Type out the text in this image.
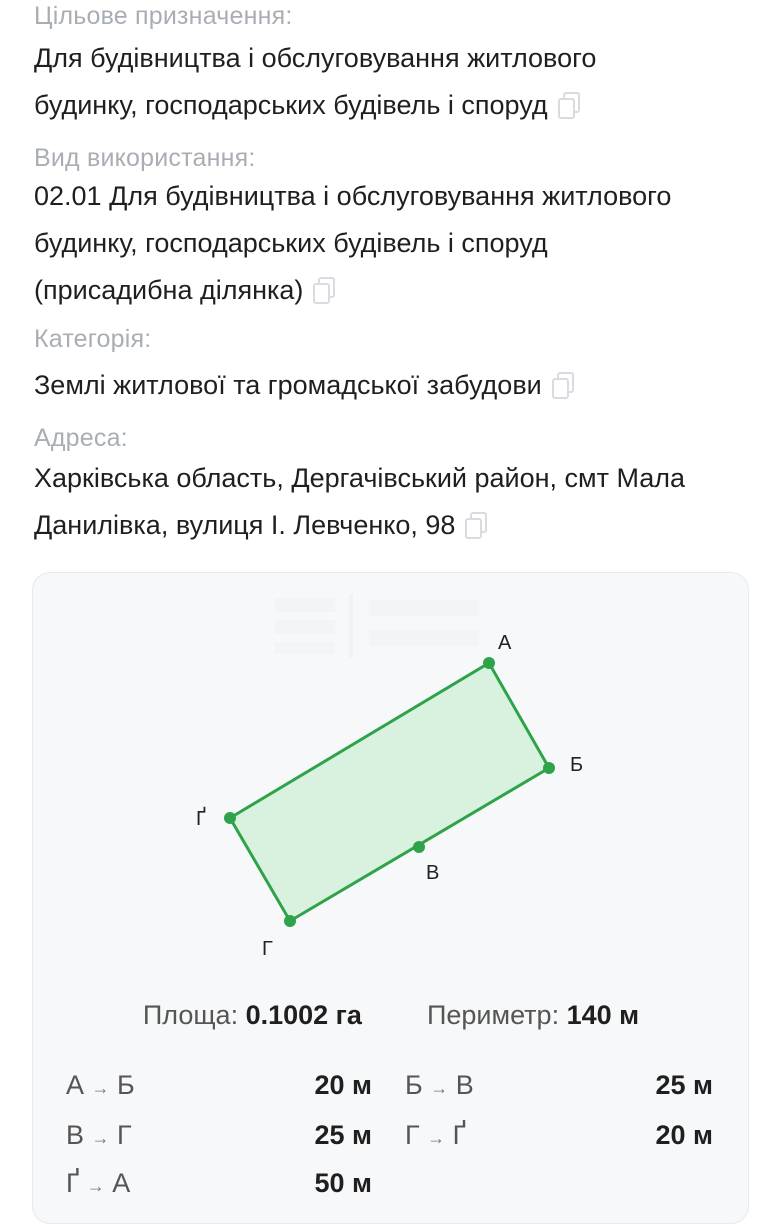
Цільове призначення:
Для будівництва і обслуговування житлового
будинку, господарських будівель і споруд
Вид використання:
02.01 Для будівництва і обслуговування житлового
будинку, господарських будівель і споруд
(присадибна ділянка)
Категорія:
Землі житлової та громадської забудови
Адреса:
Харківська область, Дергачівський район, смт Мала
Данилівка, вулиця І. Левченко, 98
А
Б
В
Г
Ґ
Площа: 0.1002 га Периметр: 140 м
А → Б	20 м Б → В	25 м
В → Г	25 м Г → Ґ	20 м
Ґ → А	50 м
